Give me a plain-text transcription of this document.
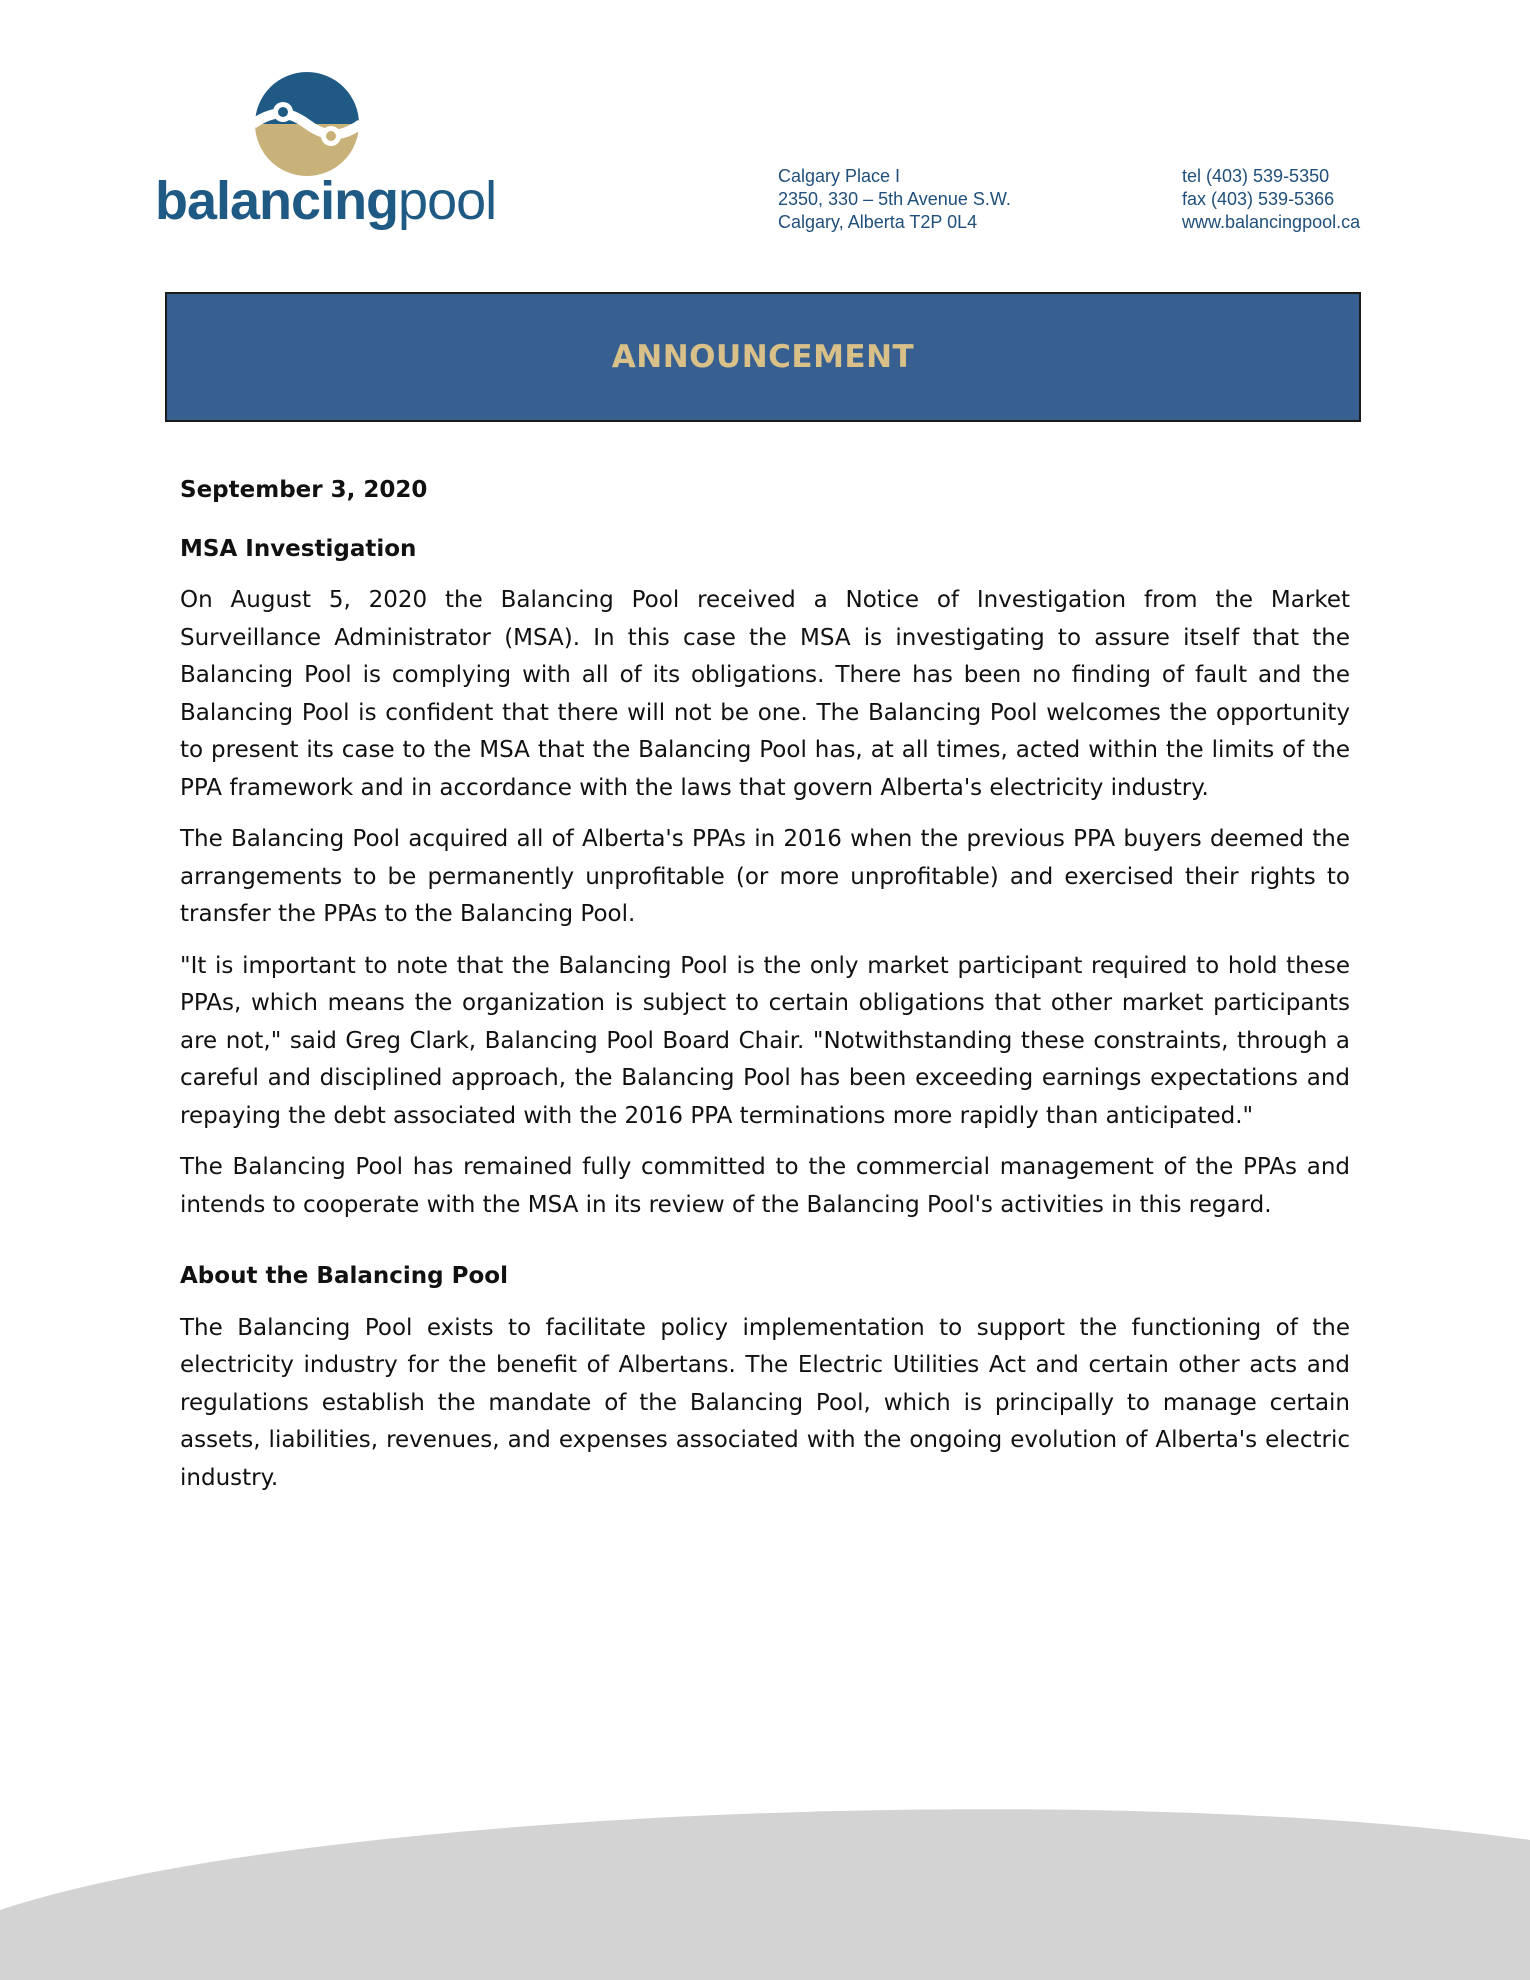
balancingpool	Calgary Place I
2350, 330 – 5th Avenue S.W.
Calgary, Alberta T2P 0L4
tel (403) 539-5350
fax (403) 539-5366
www.balancingpool.ca
ANNOUNCEMENT
September 3, 2020
MSA Investigation
On August 5, 2020 the Balancing Pool received a Notice of Investigation from the Market Surveillance Administrator (MSA). In this case the MSA is investigating to assure itself that the Balancing Pool is complying with all of its obligations. There has been no finding of fault and the Balancing Pool is confident that there will not be one. The Balancing Pool welcomes the opportunity to present its case to the MSA that the Balancing Pool has, at all times, acted within the limits of the PPA framework and in accordance with the laws that govern Alberta's electricity industry.
The Balancing Pool acquired all of Alberta's PPAs in 2016 when the previous PPA buyers deemed the arrangements to be permanently unprofitable (or more unprofitable) and exercised their rights to transfer the PPAs to the Balancing Pool.
"It is important to note that the Balancing Pool is the only market participant required to hold these PPAs, which means the organization is subject to certain obligations that other market participants are not," said Greg Clark, Balancing Pool Board Chair. "Notwithstanding these constraints, through a careful and disciplined approach, the Balancing Pool has been exceeding earnings expectations and repaying the debt associated with the 2016 PPA terminations more rapidly than anticipated."
The Balancing Pool has remained fully committed to the commercial management of the PPAs and intends to cooperate with the MSA in its review of the Balancing Pool's activities in this regard.
About the Balancing Pool
The Balancing Pool exists to facilitate policy implementation to support the functioning of the electricity industry for the benefit of Albertans. The Electric Utilities Act and certain other acts and regulations establish the mandate of the Balancing Pool, which is principally to manage certain assets, liabilities, revenues, and expenses associated with the ongoing evolution of Alberta's electric industry.
